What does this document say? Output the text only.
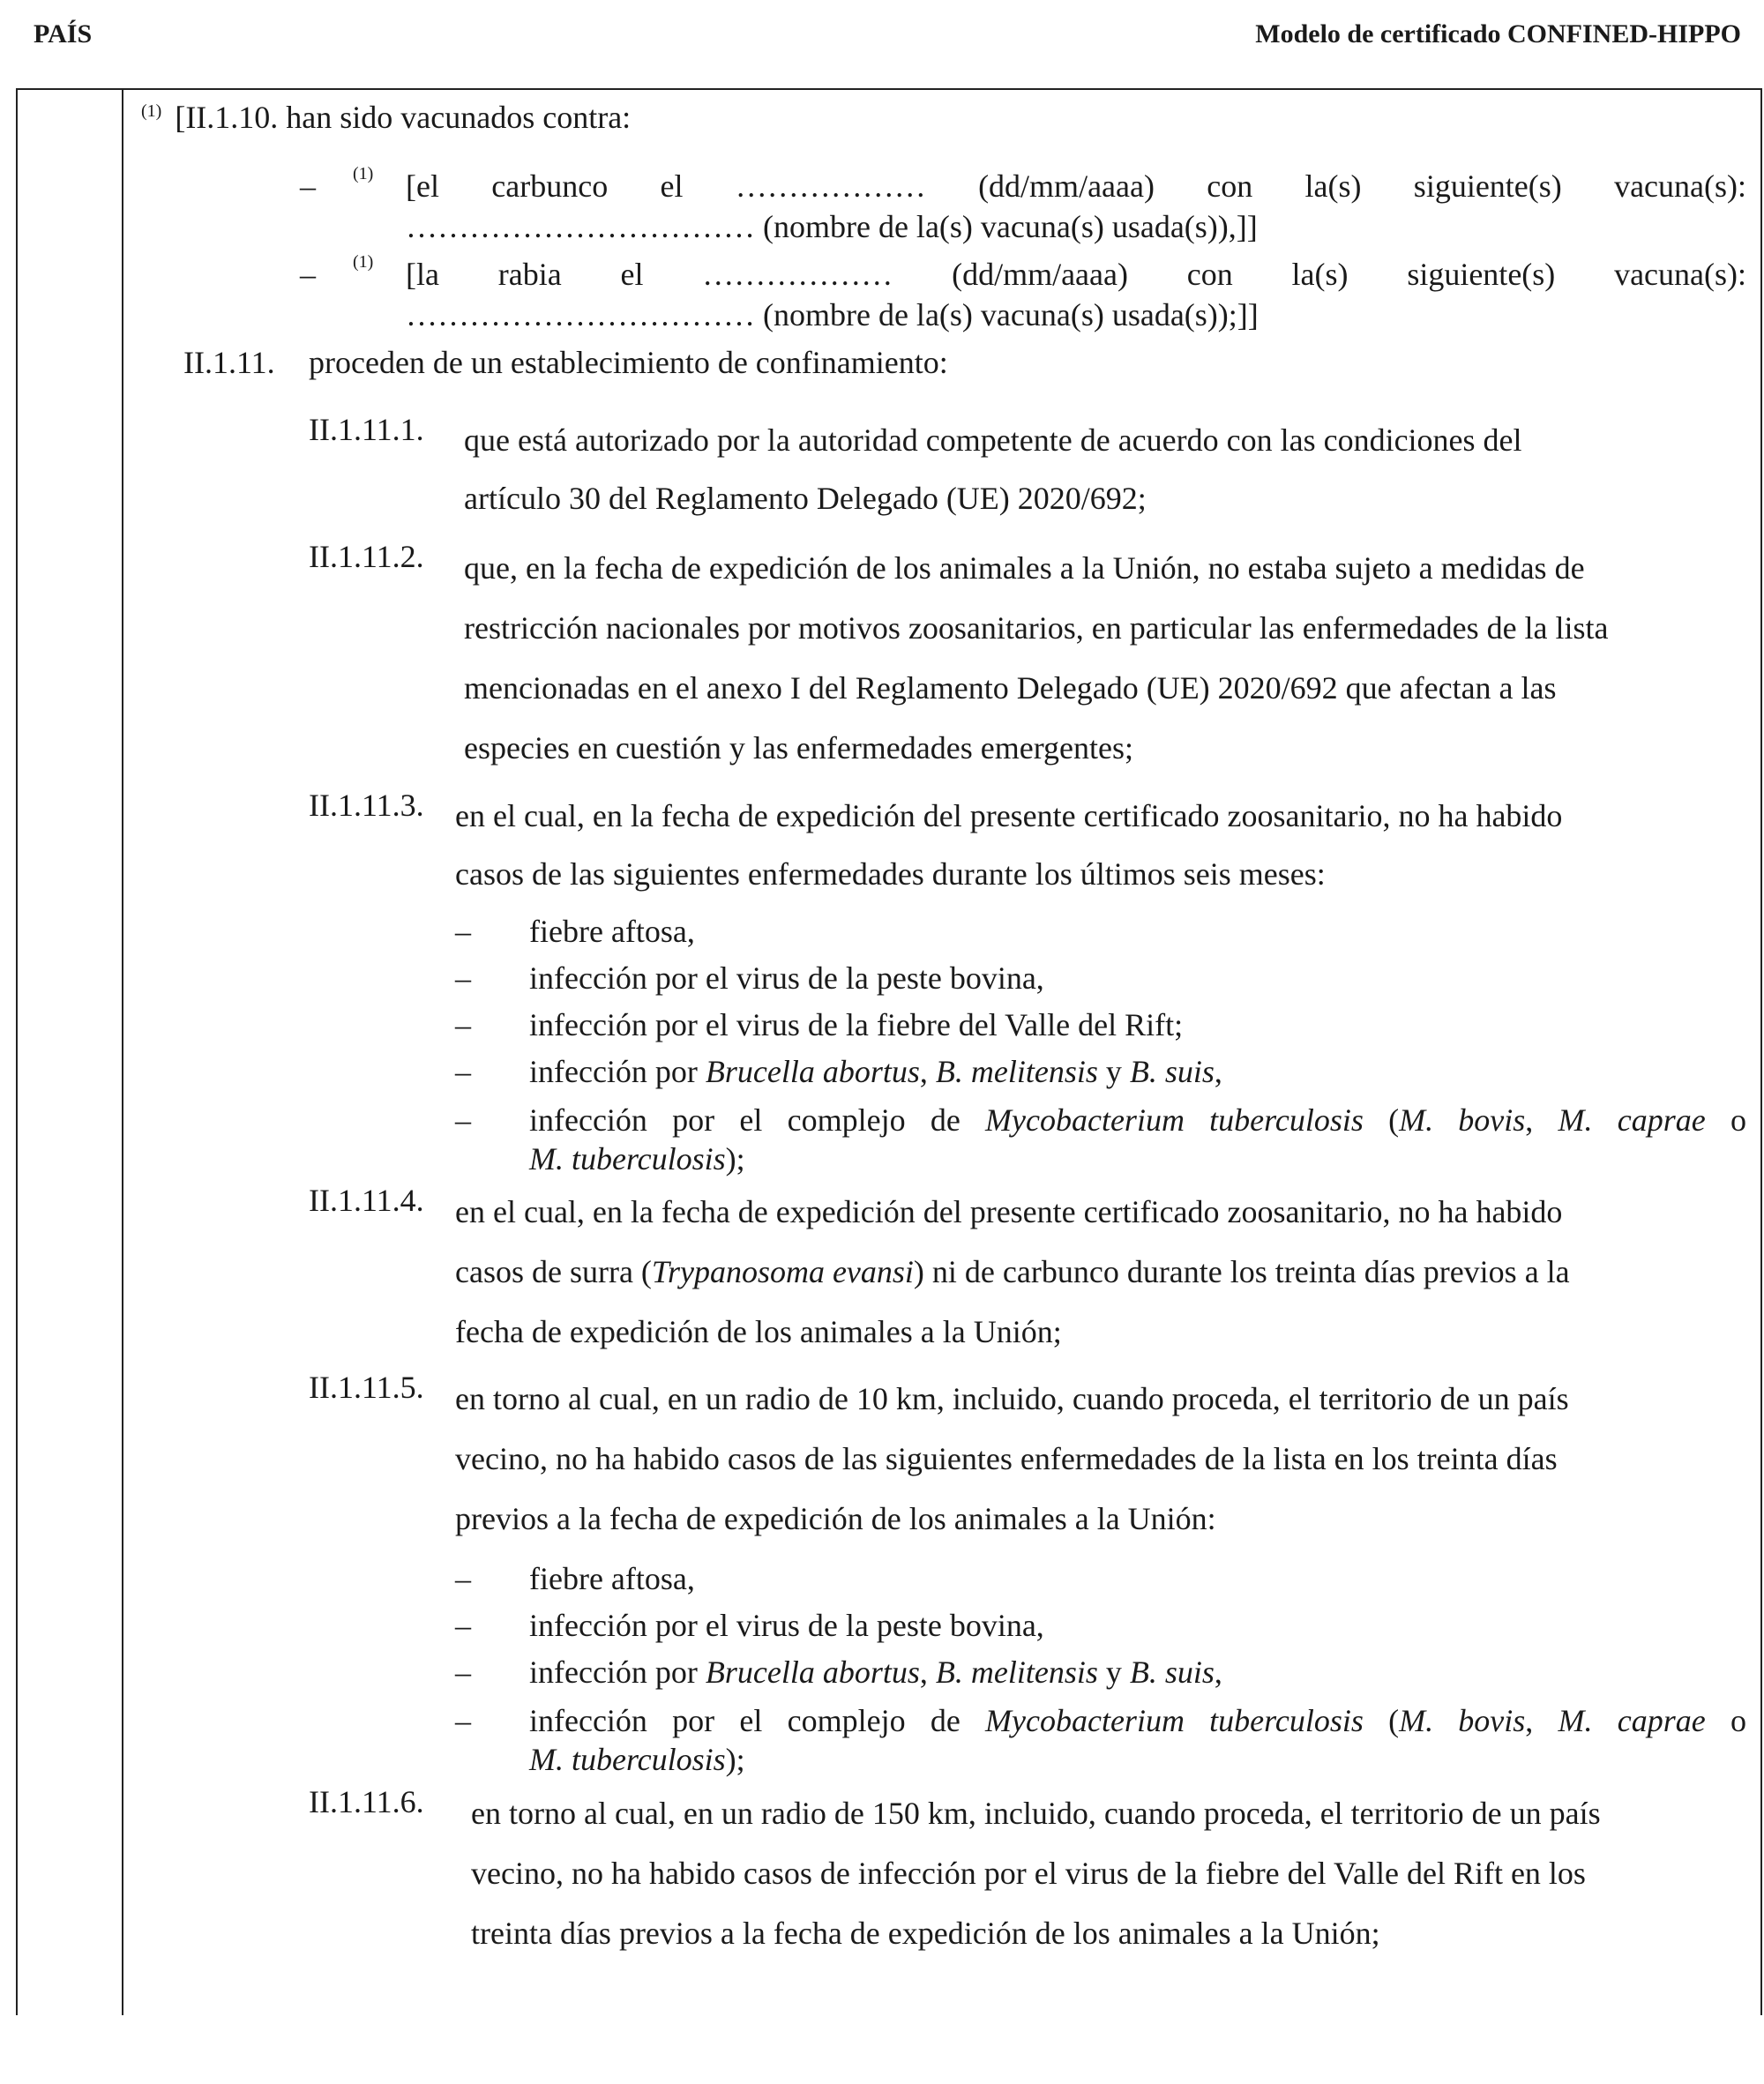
PAÍS	Modelo de certificado CONFINED-HIPPO
$^{(1)}$ [II.1.10. han sido vacunados contra:
– (1) [el carbunco el ……………… (dd/mm/aaaa) con la(s) siguiente(s) vacuna(s):
…………………………… (nombre de la(s) vacuna(s) usada(s)),]]
– (1) [la rabia el ……………… (dd/mm/aaaa) con la(s) siguiente(s) vacuna(s):
…………………………… (nombre de la(s) vacuna(s) usada(s));]]
II.1.11. proceden de un establecimiento de confinamiento:
II.1.11.1. que está autorizado por la autoridad competente de acuerdo con las condiciones del
artículo 30 del Reglamento Delegado (UE) 2020/692;
II.1.11.2. que, en la fecha de expedición de los animales a la Unión, no estaba sujeto a medidas de
restricción nacionales por motivos zoosanitarios, en particular las enfermedades de la lista
mencionadas en el anexo I del Reglamento Delegado (UE) 2020/692 que afectan a las
especies en cuestión y las enfermedades emergentes;
II.1.11.3. en el cual, en la fecha de expedición del presente certificado zoosanitario, no ha habido
casos de las siguientes enfermedades durante los últimos seis meses:
– fiebre aftosa,
– infección por el virus de la peste bovina,
– infección por el virus de la fiebre del Valle del Rift;
– infección por Brucella abortus, B. melitensis y B. suis,
– infección por el complejo de Mycobacterium tuberculosis (M. bovis, M. caprae o
M. tuberculosis);
II.1.11.4. en el cual, en la fecha de expedición del presente certificado zoosanitario, no ha habido
casos de surra (Trypanosoma evansi) ni de carbunco durante los treinta días previos a la
fecha de expedición de los animales a la Unión;
II.1.11.5. en torno al cual, en un radio de 10 km, incluido, cuando proceda, el territorio de un país
vecino, no ha habido casos de las siguientes enfermedades de la lista en los treinta días
previos a la fecha de expedición de los animales a la Unión:
– fiebre aftosa,
– infección por el virus de la peste bovina,
– infección por Brucella abortus, B. melitensis y B. suis,
– infección por el complejo de Mycobacterium tuberculosis (M. bovis, M. caprae o
M. tuberculosis);
II.1.11.6. en torno al cual, en un radio de 150 km, incluido, cuando proceda, el territorio de un país
vecino, no ha habido casos de infección por el virus de la fiebre del Valle del Rift en los
treinta días previos a la fecha de expedición de los animales a la Unión;
